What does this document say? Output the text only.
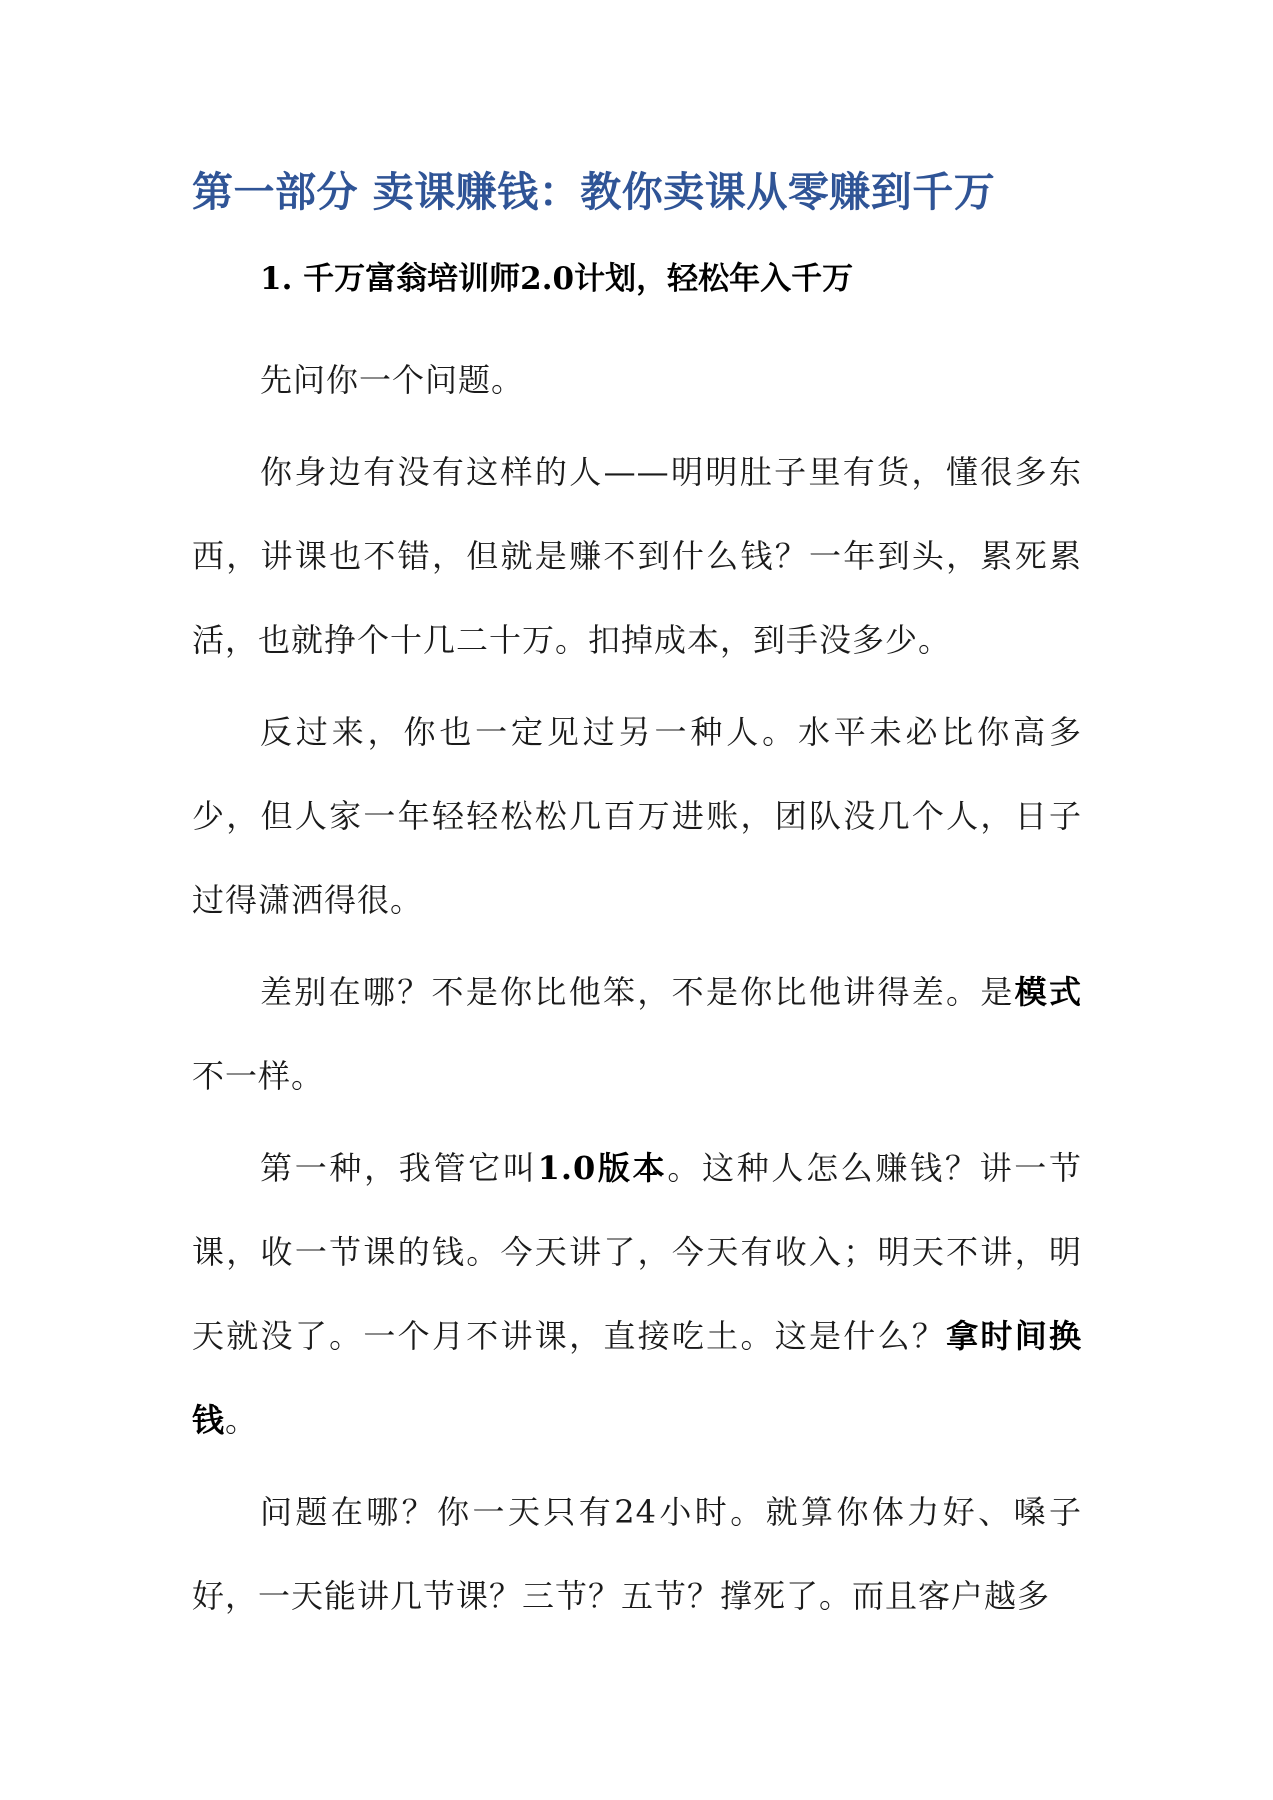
第一部分 卖课赚钱：教你卖课从零赚到千万
1. 千万富翁培训师2.0计划，轻松年入千万

先问你一个问题。

你身边有没有这样的人——明明肚子里有货，懂很多东西，讲课也不错，但就是赚不到什么钱？一年到头，累死累活，也就挣个十几二十万。扣掉成本，到手没多少。

反过来，你也一定见过另一种人。水平未必比你高多少，但人家一年轻轻松松几百万进账，团队没几个人，日子过得潇洒得很。

差别在哪？不是你比他笨，不是你比他讲得差。是模式不一样。

第一种，我管它叫1.0版本。这种人怎么赚钱？讲一节课，收一节课的钱。今天讲了，今天有收入；明天不讲，明天就没了。一个月不讲课，直接吃土。这是什么？拿时间换钱。

问题在哪？你一天只有24小时。就算你体力好、嗓子好，一天能讲几节课？三节？五节？撑死了。而且客户越多
